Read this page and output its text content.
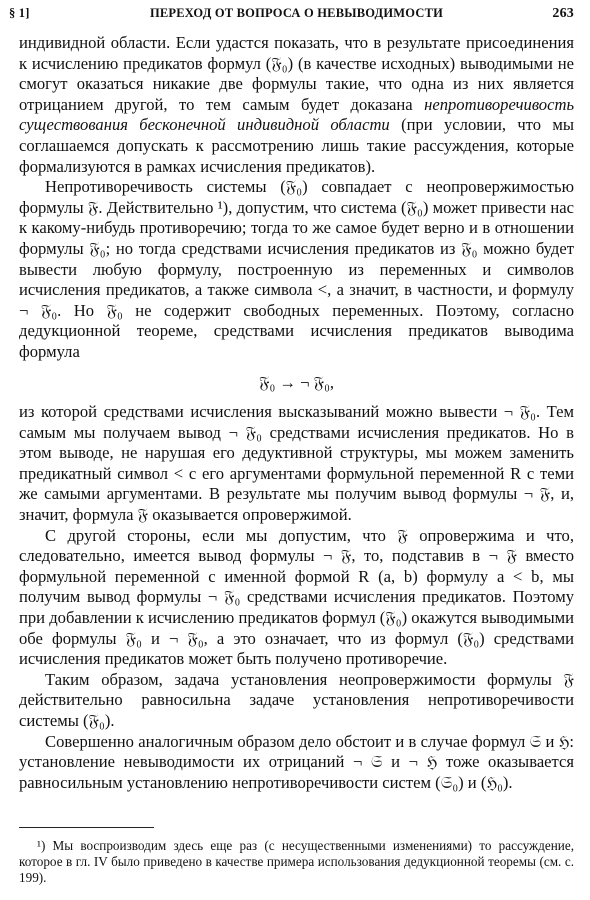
§ 1]	ПЕРЕХОД ОТ ВОПРОСА О НЕВЫВОДИМОСТИ	263

индивидной области. Если удастся показать, что в результате присоединения к исчислению предикатов формул (𝔉₀) (в качестве исходных) выводимыми не смогут оказаться никакие две формулы такие, что одна из них является отрицанием другой, то тем самым будет доказана непротиворечивость существования бесконечной индивидной области (при условии, что мы соглашаемся допускать к рассмотрению лишь такие рассуждения, которые формализуются в рамках исчисления предикатов).

Непротиворечивость системы (𝔉₀) совпадает с неопровержимостью формулы 𝔉. Действительно ¹), допустим, что система (𝔉₀) может привести нас к какому-нибудь противоречию; тогда то же самое будет верно и в отношении формулы 𝔉₀; но тогда средствами исчисления предикатов из 𝔉₀ можно будет вывести любую формулу, построенную из переменных и символов исчисления предикатов, а также символа <, а значит, в частности, и формулу ¬ 𝔉₀. Но 𝔉₀ не содержит свободных переменных. Поэтому, согласно дедукционной теореме, средствами исчисления предикатов выводима формула

𝔉₀ → ¬ 𝔉₀,

из которой средствами исчисления высказываний можно вывести ¬ 𝔉₀. Тем самым мы получаем вывод ¬ 𝔉₀ средствами исчисления предикатов. Но в этом выводе, не нарушая его дедуктивной структуры, мы можем заменить предикатный символ < с его аргументами формульной переменной R с теми же самыми аргументами. В результате мы получим вывод формулы ¬ 𝔉, и, значит, формула 𝔉 оказывается опровержимой.

С другой стороны, если мы допустим, что 𝔉 опровержима и что, следовательно, имеется вывод формулы ¬ 𝔉, то, подставив в ¬ 𝔉 вместо формульной переменной с именной формой R (a, b) формулу a < b, мы получим вывод формулы ¬ 𝔉₀ средствами исчисления предикатов. Поэтому при добавлении к исчислению предикатов формул (𝔉₀) окажутся выводимыми обе формулы 𝔉₀ и ¬ 𝔉₀, а это означает, что из формул (𝔉₀) средствами исчисления предикатов может быть получено противоречие.

Таким образом, задача установления неопровержимости формулы 𝔉 действительно равносильна задаче установления непротиворечивости системы (𝔉₀).

Совершенно аналогичным образом дело обстоит и в случае формул 𝔖 и ℌ: установление невыводимости их отрицаний ¬ 𝔖 и ¬ ℌ тоже оказывается равносильным установлению непротиворечивости систем (𝔖₀) и (ℌ₀).

¹) Мы воспроизводим здесь еще раз (с несущественными изменениями) то рассуждение, которое в гл. IV было приведено в качестве примера использования дедукционной теоремы (см. с. 199).
